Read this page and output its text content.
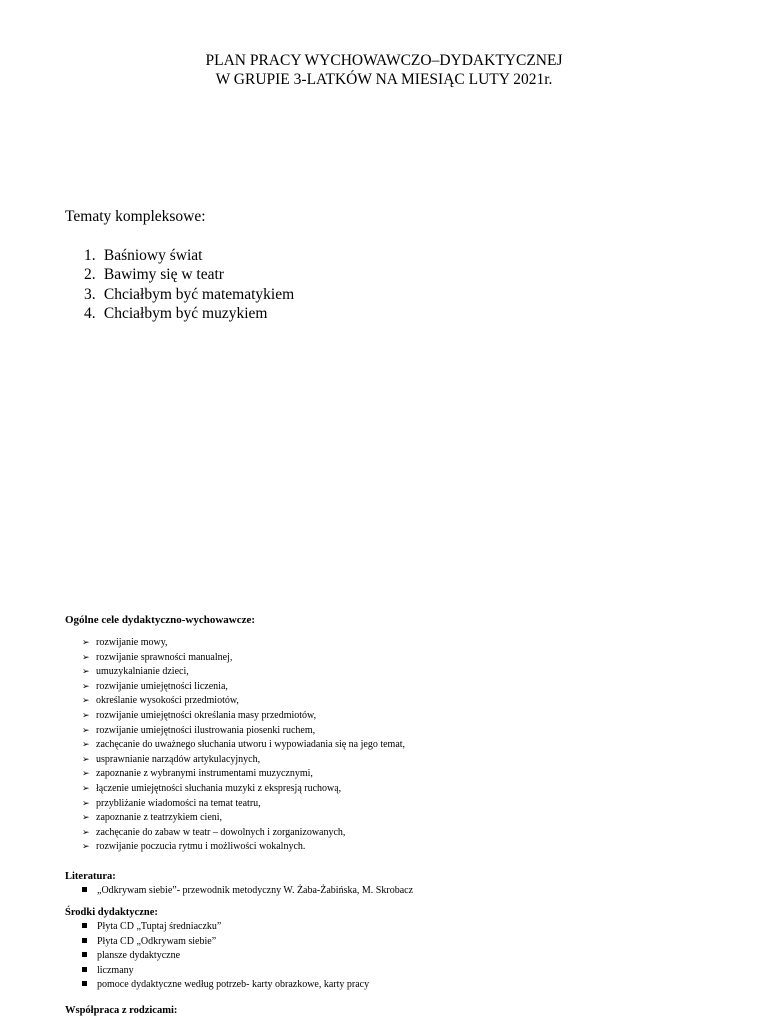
PLAN PRACY WYCHOWAWCZO–DYDAKTYCZNEJ
W GRUPIE 3-LATKÓW NA MIESIĄC LUTY 2021r.
Tematy kompleksowe:
1. Baśniowy świat
2. Bawimy się w teatr
3. Chciałbym być matematykiem
4. Chciałbym być muzykiem
Ogólne cele dydaktyczno-wychowawcze:
➢ rozwijanie mowy,
➢ rozwijanie sprawności manualnej,
➢ umuzykalnianie dzieci,
➢ rozwijanie umiejętności liczenia,
➢ określanie wysokości przedmiotów,
➢ rozwijanie umiejętności określania masy przedmiotów,
➢ rozwijanie umiejętności ilustrowania piosenki ruchem,
➢ zachęcanie do uważnego słuchania utworu i wypowiadania się na jego temat,
➢ usprawnianie narządów artykulacyjnych,
➢ zapoznanie z wybranymi instrumentami muzycznymi,
➢ łączenie umiejętności słuchania muzyki z ekspresją ruchową,
➢ przybliżanie wiadomości na temat teatru,
➢ zapoznanie z teatrzykiem cieni,
➢ zachęcanie do zabaw w teatr – dowolnych i zorganizowanych,
➢ rozwijanie poczucia rytmu i możliwości wokalnych.
Literatura:
„Odkrywam siebie”- przewodnik metodyczny W. Żaba-Żabińska, M. Skrobacz
Środki dydaktyczne:
Płyta CD „Tuptaj średniaczku”
Płyta CD „Odkrywam siebie”
plansze dydaktyczne
liczmany
pomoce dydaktyczne według potrzeb- karty obrazkowe, karty pracy
Współpraca z rodzicami:
